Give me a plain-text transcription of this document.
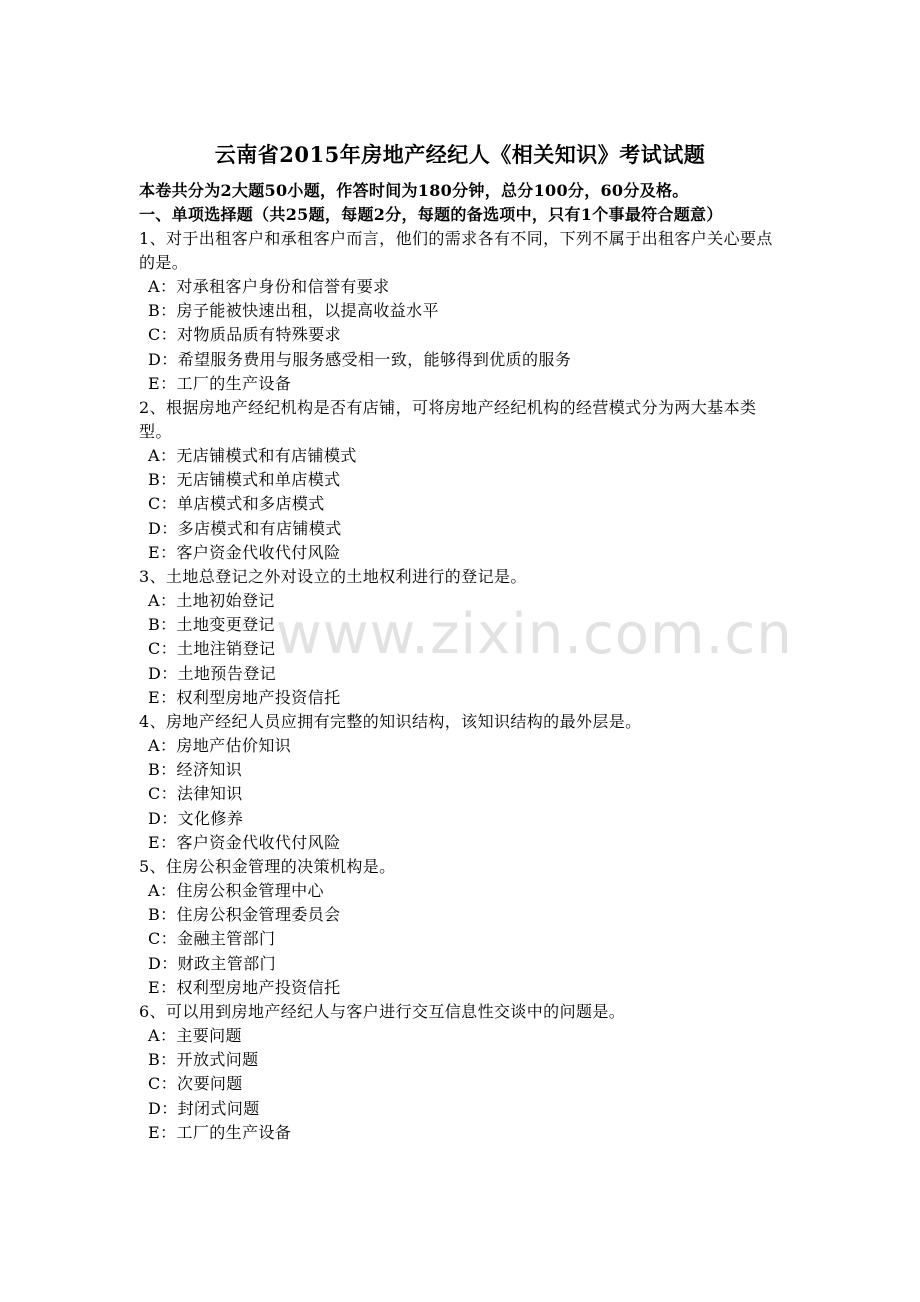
云南省2015年房地产经纪人《相关知识》考试试题
本卷共分为2大题50小题，作答时间为180分钟，总分100分，60分及格。
一、单项选择题（共25题，每题2分，每题的备选项中，只有1个事最符合题意）
1、对于出租客户和承租客户而言，他们的需求各有不同，下列不属于出租客户关心要点的是。
A：对承租客户身份和信誉有要求
B：房子能被快速出租，以提高收益水平
C：对物质品质有特殊要求
D：希望服务费用与服务感受相一致，能够得到优质的服务
E：工厂的生产设备
2、根据房地产经纪机构是否有店铺，可将房地产经纪机构的经营模式分为两大基本类型。
A：无店铺模式和有店铺模式
B：无店铺模式和单店模式
C：单店模式和多店模式
D：多店模式和有店铺模式
E：客户资金代收代付风险
3、土地总登记之外对设立的土地权利进行的登记是。
A：土地初始登记
B：土地变更登记
C：土地注销登记
D：土地预告登记
E：权利型房地产投资信托
4、房地产经纪人员应拥有完整的知识结构，该知识结构的最外层是。
A：房地产估价知识
B：经济知识
C：法律知识
D：文化修养
E：客户资金代收代付风险
5、住房公积金管理的决策机构是。
A：住房公积金管理中心
B：住房公积金管理委员会
C：金融主管部门
D：财政主管部门
E：权利型房地产投资信托
6、可以用到房地产经纪人与客户进行交互信息性交谈中的问题是。
A：主要问题
B：开放式问题
C：次要问题
D：封闭式问题
E：工厂的生产设备
www.zixin.com.cn
